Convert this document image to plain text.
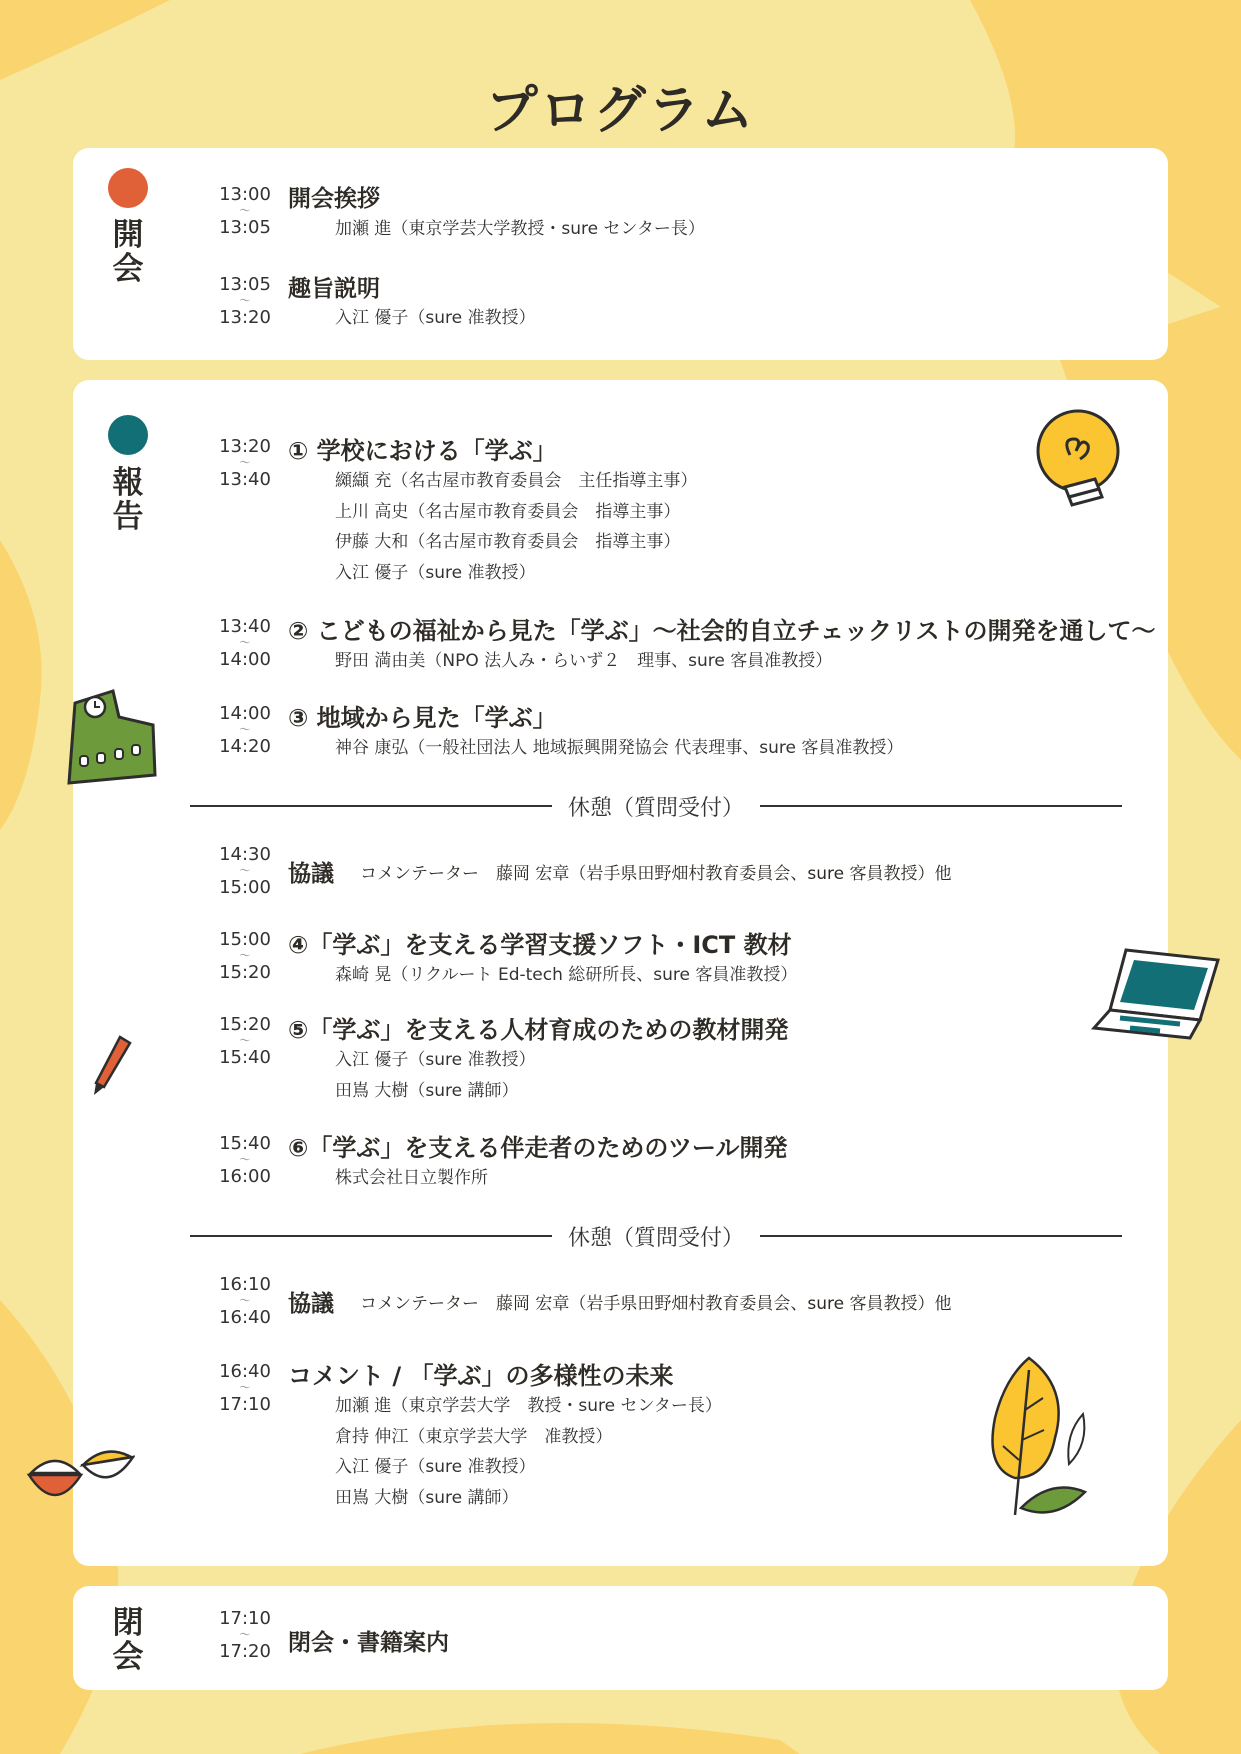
プログラム
開
会
13:00
〜
13:05
開会挨拶
加瀬 進（東京学芸大学教授・sure センター長）
13:05
〜
13:20
趣旨説明
入江 優子（sure 准教授）
報
告
13:20
〜
13:40
① 学校における「学ぶ」
纐纈 充（名古屋市教育委員会　主任指導主事）
上川 高史（名古屋市教育委員会　指導主事）
伊藤 大和（名古屋市教育委員会　指導主事）
入江 優子（sure 准教授）
13:40
〜
14:00
② こどもの福祉から見た「学ぶ」～社会的自立チェックリストの開発を通して～
野田 満由美（NPO 法人み・らいず２　理事、sure 客員准教授）
14:00
〜
14:20
③ 地域から見た「学ぶ」
神谷 康弘（一般社団法人 地域振興開発協会 代表理事、sure 客員准教授）
休憩（質問受付）
14:30
〜
15:00
協議 コメンテーター　藤岡 宏章（岩手県田野畑村教育委員会、sure 客員教授）他
15:00
〜
15:20
④「学ぶ」を支える学習支援ソフト・ICT 教材
森崎 晃（リクルート Ed-tech 総研所長、sure 客員准教授）
15:20
〜
15:40
⑤「学ぶ」を支える人材育成のための教材開発
入江 優子（sure 准教授）
田嶌 大樹（sure 講師）
15:40
〜
16:00
⑥「学ぶ」を支える伴走者のためのツール開発
株式会社日立製作所
休憩（質問受付）
16:10
〜
16:40
協議 コメンテーター　藤岡 宏章（岩手県田野畑村教育委員会、sure 客員教授）他
16:40
〜
17:10
コメント / 「学ぶ」の多様性の未来
加瀬 進（東京学芸大学　教授・sure センター長）
倉持 伸江（東京学芸大学　准教授）
入江 優子（sure 准教授）
田嶌 大樹（sure 講師）
閉
会
17:10
〜
17:20 閉会・書籍案内
